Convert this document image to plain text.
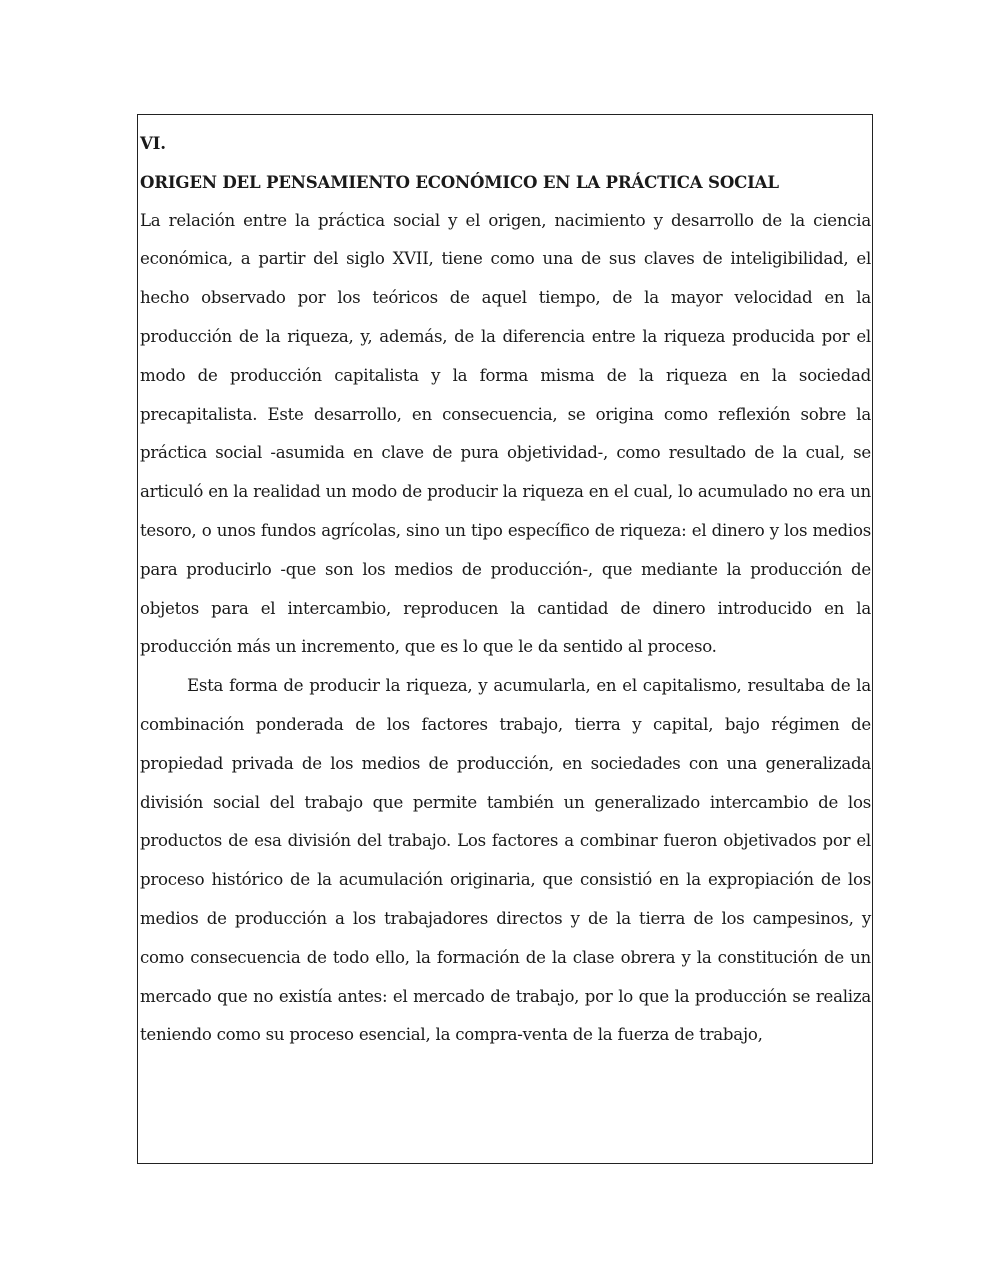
VI.

ORIGEN DEL PENSAMIENTO ECONÓMICO EN LA PRÁCTICA SOCIAL

La relación entre la práctica social y el origen, nacimiento y desarrollo de la ciencia económica, a partir del siglo XVII, tiene como una de sus claves de inteligibilidad, el hecho observado por los teóricos de aquel tiempo, de la mayor velocidad en la producción de la riqueza, y, además, de la diferencia entre la riqueza producida por el modo de producción capitalista y la forma misma de la riqueza en la sociedad precapitalista. Este desarrollo, en consecuencia, se origina como reflexión sobre la práctica social -asumida en clave de pura objetividad-, como resultado de la cual, se articuló en la realidad un modo de producir la riqueza en el cual, lo acumulado no era un tesoro, o unos fundos agrícolas, sino un tipo específico de riqueza: el dinero y los medios para producirlo -que son los medios de producción-, que mediante la producción de objetos para el intercambio, reproducen la cantidad de dinero introducido en la producción más un incremento, que es lo que le da sentido al proceso.

Esta forma de producir la riqueza, y acumularla, en el capitalismo, resultaba de la combinación ponderada de los factores trabajo, tierra y capital, bajo régimen de propiedad privada de los medios de producción, en sociedades con una generalizada división social del trabajo que permite también un generalizado intercambio de los productos de esa división del trabajo. Los factores a combinar fueron objetivados por el proceso histórico de la acumulación originaria, que consistió en la expropiación de los medios de producción a los trabajadores directos y de la tierra de los campesinos, y como consecuencia de todo ello, la formación de la clase obrera y la constitución de un mercado que no existía antes: el mercado de trabajo, por lo que la producción se realiza teniendo como su proceso esencial, la compra-venta de la fuerza de trabajo,
